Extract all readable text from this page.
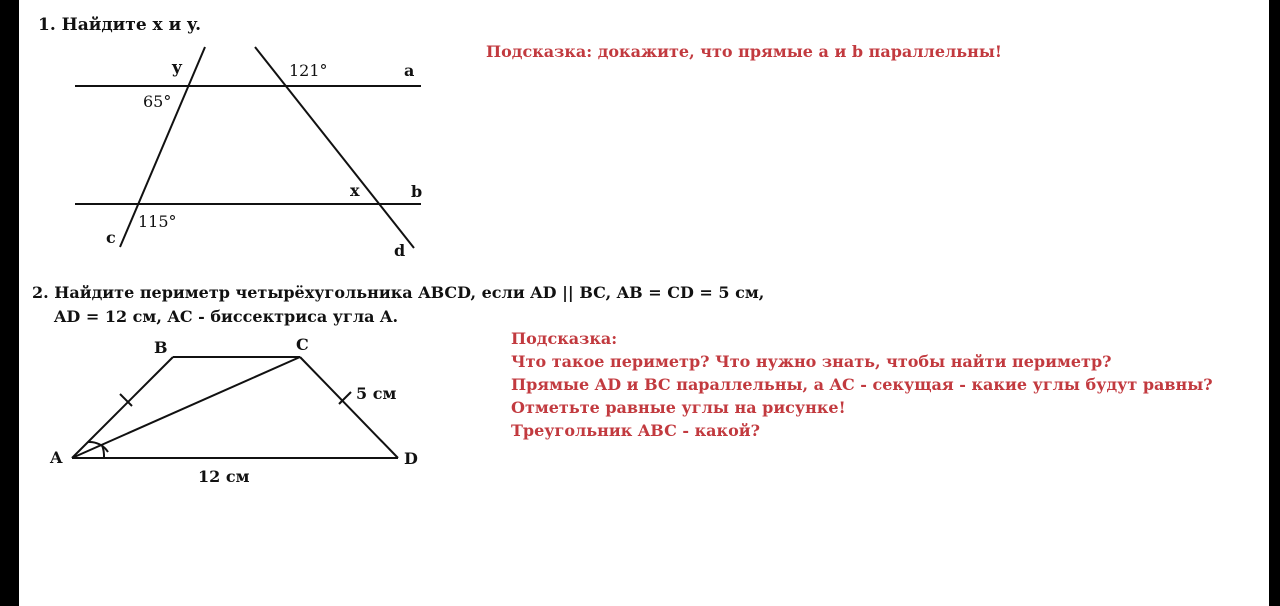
1. Найдите x и y.
Подсказка: докажите, что прямые a и b параллельны!
y	121°	a
65°
x	b
115°
c
d
2. Найдите периметр четырёхугольника ABCD, если AD || BC, AB = CD = 5 см,
AD = 12 см, AC - биссектриса угла A.
B	C
A	D
5 см
12 см
Подсказка:
Что такое периметр? Что нужно знать, чтобы найти периметр?
Прямые AD и BC параллельны, а AC - секущая - какие углы будут равны?
Отметьте равные углы на рисунке!
Треугольник ABC - какой?
